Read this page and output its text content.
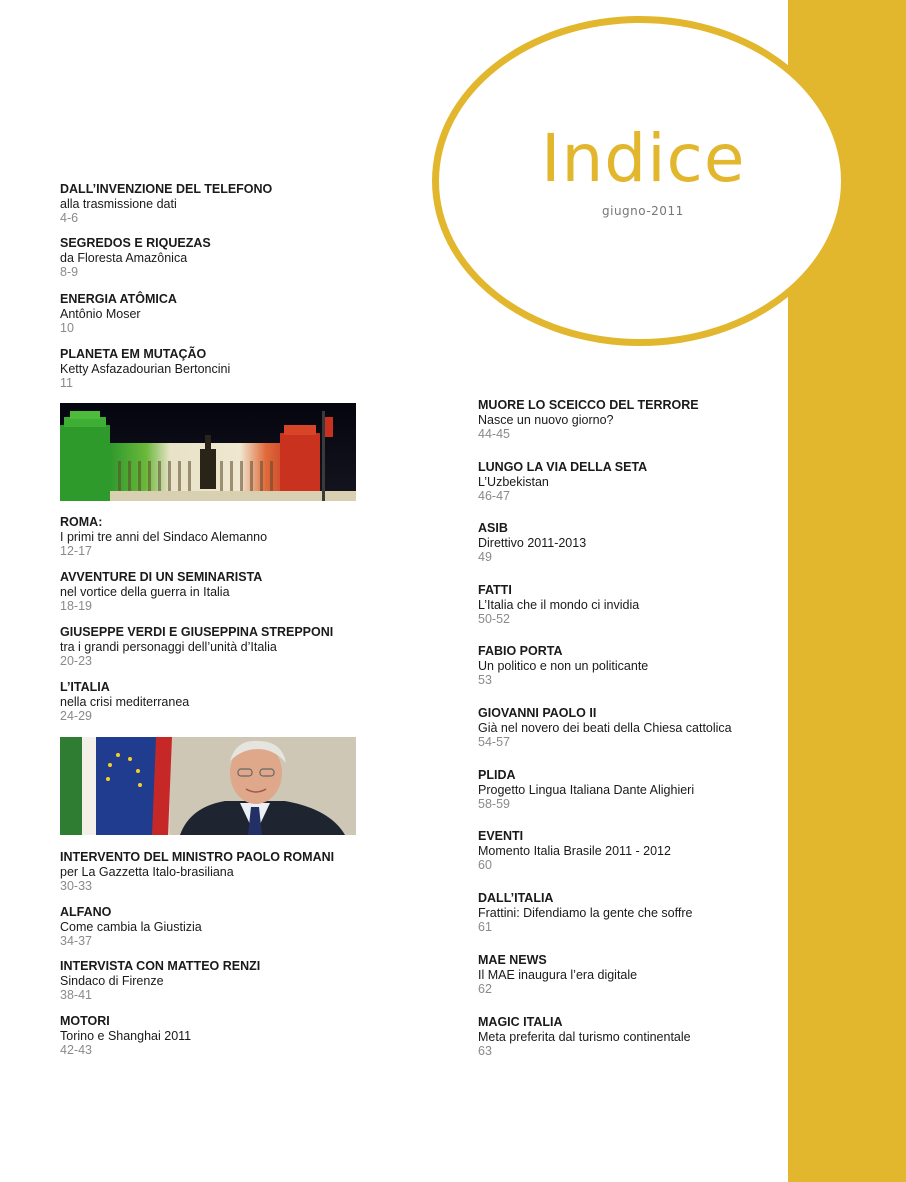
Indice
giugno-2011
DALL’INVENZIONE DEL TELEFONO
alla trasmissione dati
4-6
SEGREDOS E RIQUEZAS
da Floresta Amazônica
8-9
ENERGIA ATÔMICA
Antônio Moser
10
PLANETA EM MUTAÇÃO
Ketty Asfazadourian Bertoncini
11
ROMA:
I primi tre anni del Sindaco Alemanno
12-17
AVVENTURE DI UN SEMINARISTA
nel vortice della guerra in Italia
18-19
GIUSEPPE VERDI E GIUSEPPINA STREPPONI
tra i grandi personaggi dell’unità d’Italia
20-23
L’ITALIA
nella crisi mediterranea
24-29
INTERVENTO DEL MINISTRO PAOLO ROMANI
per La Gazzetta Italo-brasiliana
30-33
ALFANO
Come cambia la Giustizia
34-37
INTERVISTA CON MATTEO RENZI
Sindaco di Firenze
38-41
MOTORI
Torino e Shanghai 2011
42-43
MUORE LO SCEICCO DEL TERRORE
Nasce un nuovo giorno?
44-45
LUNGO LA VIA DELLA SETA
L’Uzbekistan
46-47
ASIB
Direttivo 2011-2013
49
FATTI
L’Italia che il mondo ci invidia
50-52
FABIO PORTA
Un politico e non un politicante
53
GIOVANNI PAOLO II
Già nel novero dei beati della Chiesa cattolica
54-57
PLIDA
Progetto Lingua Italiana Dante Alighieri
58-59
EVENTI
Momento Italia Brasile 2011 - 2012
60
DALL’ITALIA
Frattini: Difendiamo la gente che soffre
61
MAE NEWS
Il MAE inaugura l’era digitale
62
MAGIC ITALIA
Meta preferita dal turismo continentale
63
